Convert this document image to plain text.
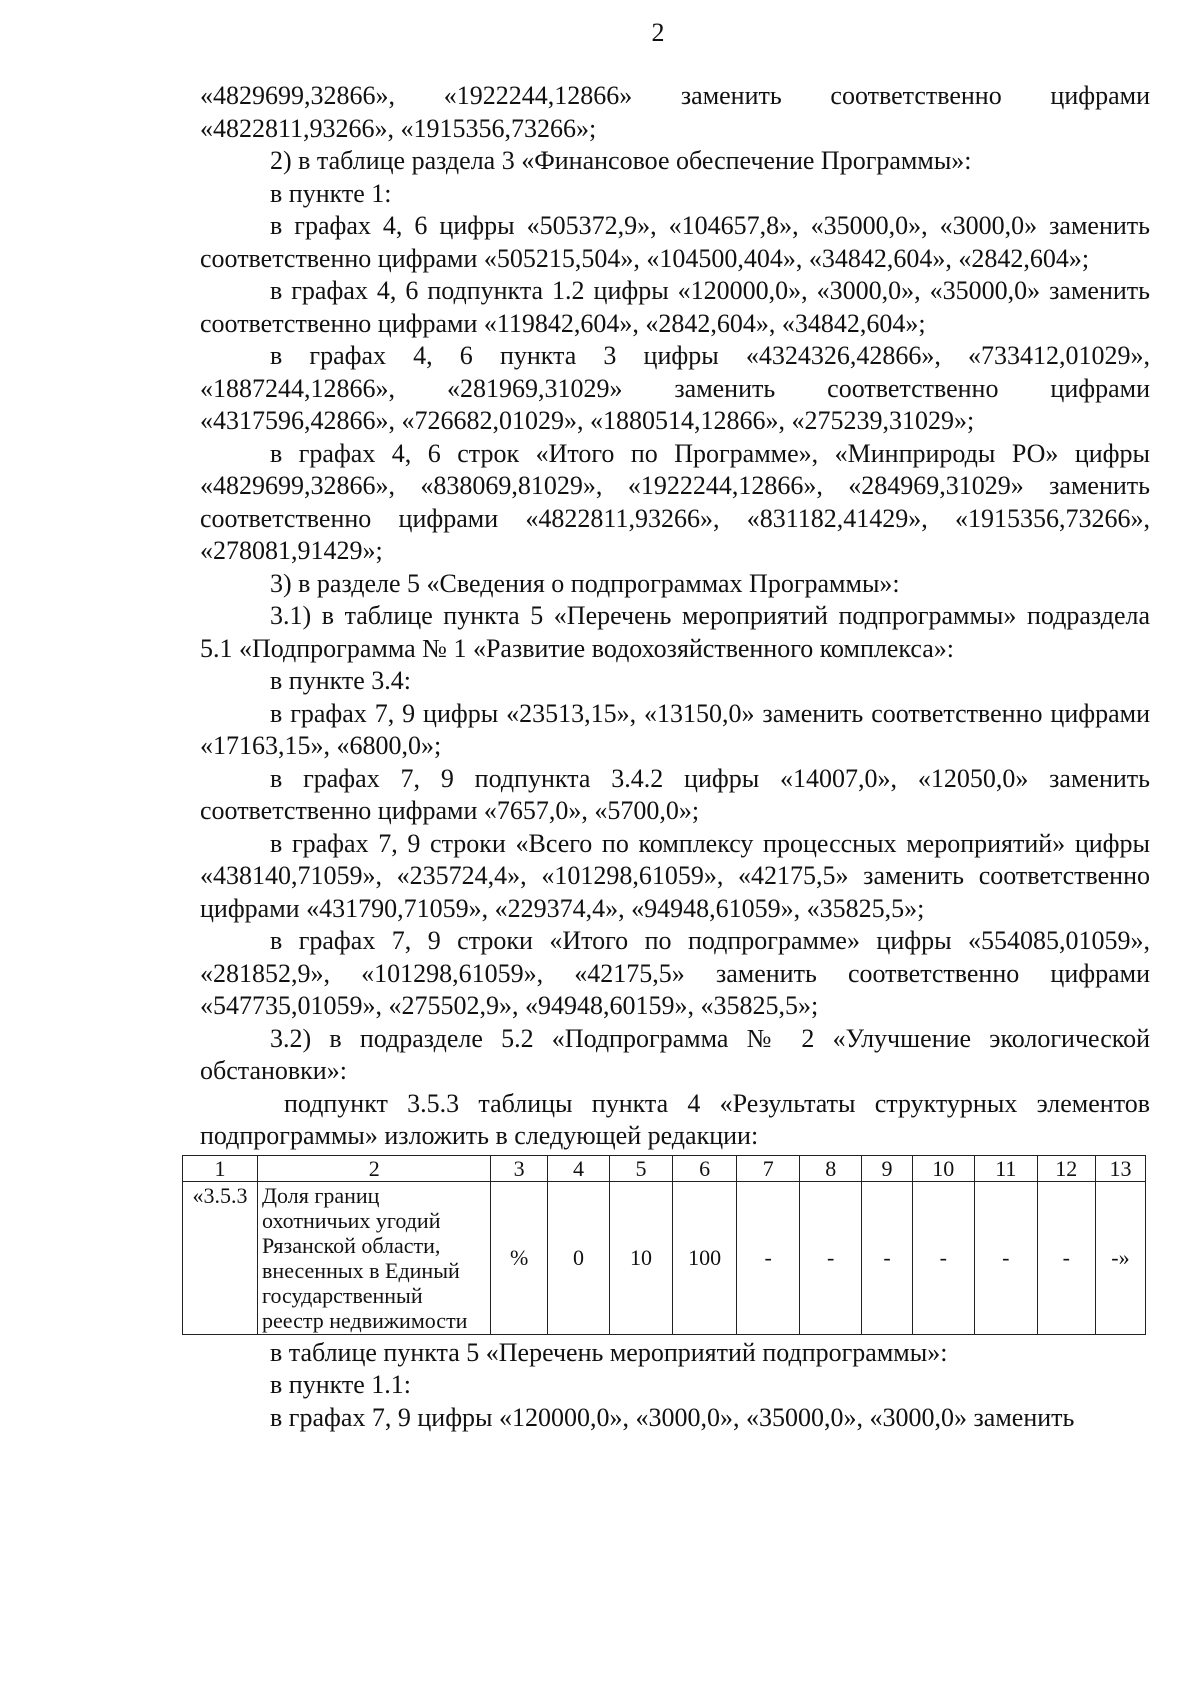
2

«4829699,32866», «1922244,12866» заменить соответственно цифрами «4822811,93266», «1915356,73266»;

2) в таблице раздела 3 «Финансовое обеспечение Программы»:

в пункте 1:

в графах 4, 6 цифры «505372,9», «104657,8», «35000,0», «3000,0» заменить соответственно цифрами «505215,504», «104500,404», «34842,604», «2842,604»;

в графах 4, 6 подпункта 1.2 цифры «120000,0», «3000,0», «35000,0» заменить соответственно цифрами «119842,604», «2842,604», «34842,604»;

в графах 4, 6 пункта 3 цифры «4324326,42866», «733412,01029», «1887244,12866», «281969,31029» заменить соответственно цифрами «4317596,42866», «726682,01029», «1880514,12866», «275239,31029»;

в графах 4, 6 строк «Итого по Программе», «Минприроды РО» цифры «4829699,32866», «838069,81029», «1922244,12866», «284969,31029» заменить соответственно цифрами «4822811,93266», «831182,41429», «1915356,73266», «278081,91429»;

3) в разделе 5 «Сведения о подпрограммах Программы»:

3.1) в таблице пункта 5 «Перечень мероприятий подпрограммы» подраздела 5.1 «Подпрограмма № 1 «Развитие водохозяйственного комплекса»:

в пункте 3.4:

в графах 7, 9 цифры «23513,15», «13150,0» заменить соответственно цифрами «17163,15», «6800,0»;

в графах 7, 9 подпункта 3.4.2 цифры «14007,0», «12050,0» заменить соответственно цифрами «7657,0», «5700,0»;

в графах 7, 9 строки «Всего по комплексу процессных мероприятий» цифры «438140,71059», «235724,4», «101298,61059», «42175,5» заменить соответственно цифрами «431790,71059», «229374,4», «94948,61059», «35825,5»;

в графах 7, 9 строки «Итого по подпрограмме» цифры «554085,01059», «281852,9», «101298,61059», «42175,5» заменить соответственно цифрами «547735,01059», «275502,9», «94948,60159», «35825,5»;

3.2) в подразделе 5.2 «Подпрограмма № 2 «Улучшение экологической обстановки»:

подпункт 3.5.3 таблицы пункта 4 «Результаты структурных элементов подпрограммы» изложить в следующей редакции:

1	2	3	4	5	6	7	8	9	10	11	12	13
«3.5.3	Доля границ охотничьих угодий Рязанской области, внесенных в Единый государственный реестр недвижимости	%	0	10	100	-	-	-	-	-	-	-»

в таблице пункта 5 «Перечень мероприятий подпрограммы»:

в пункте 1.1:

в графах 7, 9 цифры «120000,0», «3000,0», «35000,0», «3000,0» заменить
